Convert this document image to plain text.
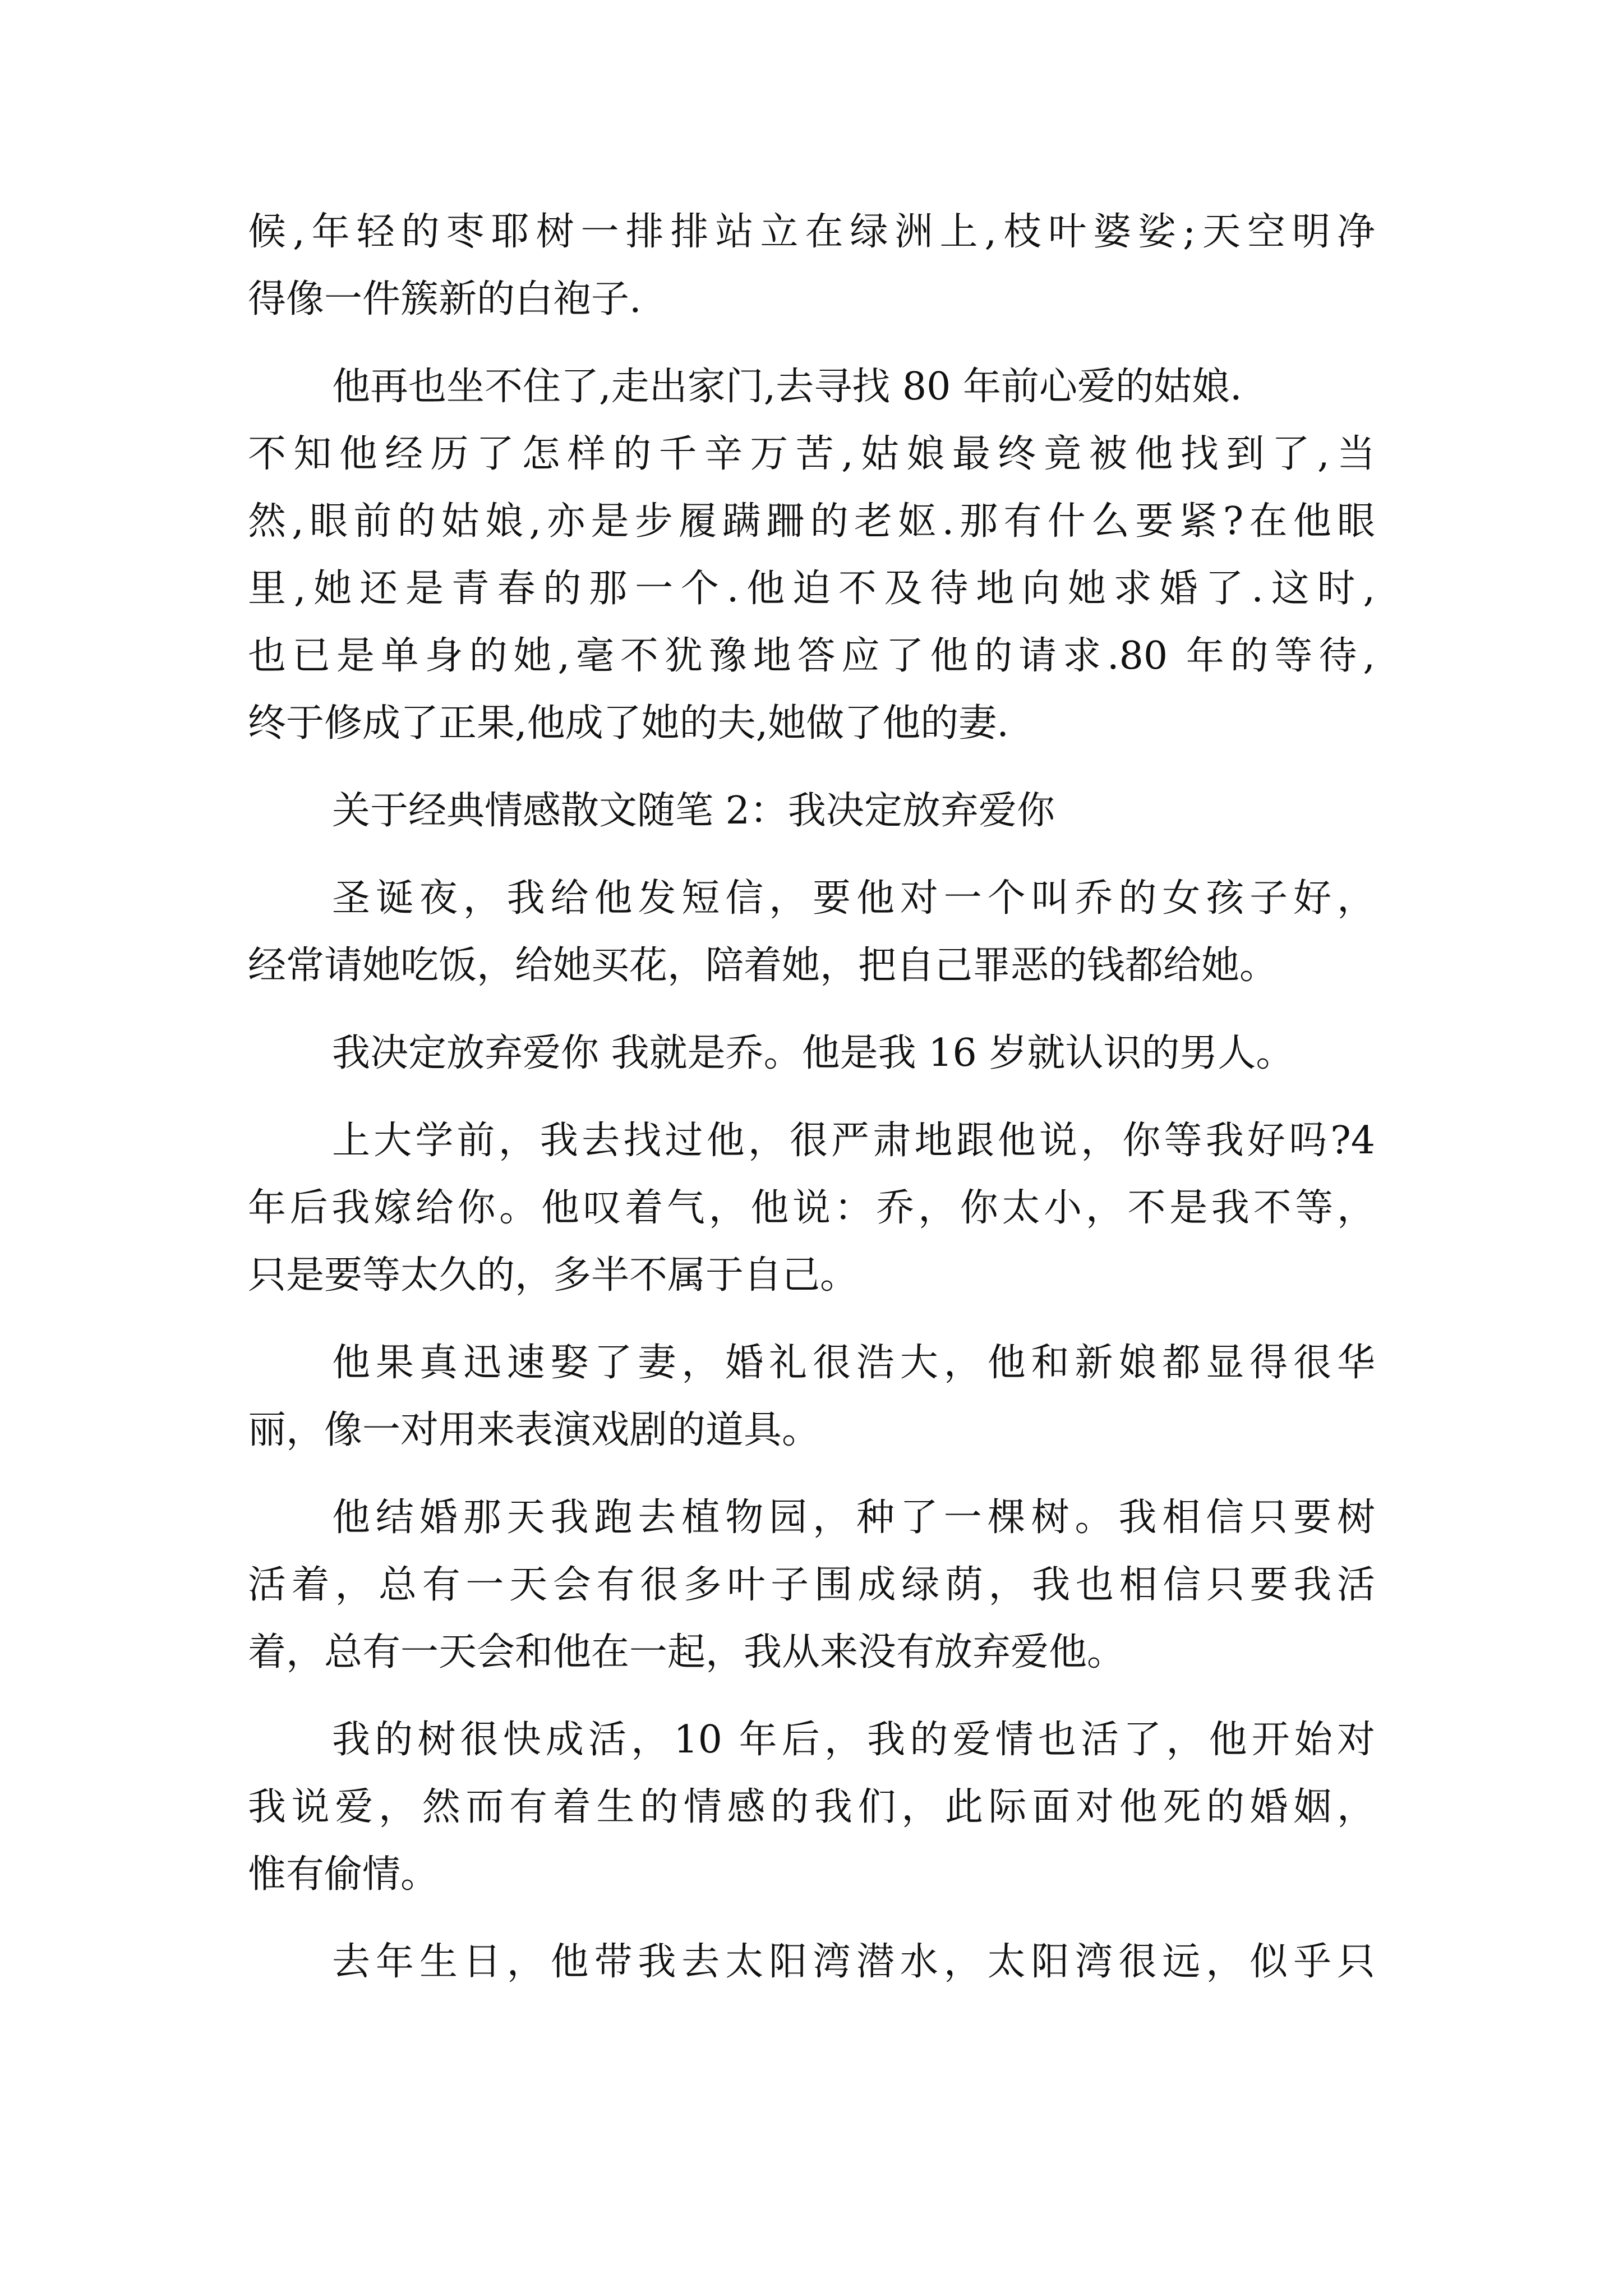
候,年轻的枣耶树一排排站立在绿洲上,枝叶婆娑;天空明净
得像一件簇新的白袍子.
他再也坐不住了,走出家门,去寻找 80 年前心爱的姑娘.
不知他经历了怎样的千辛万苦,姑娘最终竟被他找到了,当
然,眼前的姑娘,亦是步履蹒跚的老妪.那有什么要紧?在他眼
里,她还是青春的那一个.他迫不及待地向她求婚了.这时,
也已是单身的她,毫不犹豫地答应了他的请求.80 年的等待,
终于修成了正果,他成了她的夫,她做了他的妻.
关于经典情感散文随笔 2：我决定放弃爱你
圣诞夜，我给他发短信，要他对一个叫乔的女孩子好，
经常请她吃饭，给她买花，陪着她，把自己罪恶的钱都给她。
我决定放弃爱你 我就是乔。他是我 16 岁就认识的男人。
上大学前，我去找过他，很严肃地跟他说，你等我好吗?4
年后我嫁给你。他叹着气，他说：乔，你太小，不是我不等，
只是要等太久的，多半不属于自己。
他果真迅速娶了妻，婚礼很浩大，他和新娘都显得很华
丽，像一对用来表演戏剧的道具。
他结婚那天我跑去植物园，种了一棵树。我相信只要树
活着，总有一天会有很多叶子围成绿荫，我也相信只要我活
着，总有一天会和他在一起，我从来没有放弃爱他。
我的树很快成活，10 年后，我的爱情也活了，他开始对
我说爱，然而有着生的情感的我们，此际面对他死的婚姻，
惟有偷情。
去年生日，他带我去太阳湾潜水，太阳湾很远，似乎只
